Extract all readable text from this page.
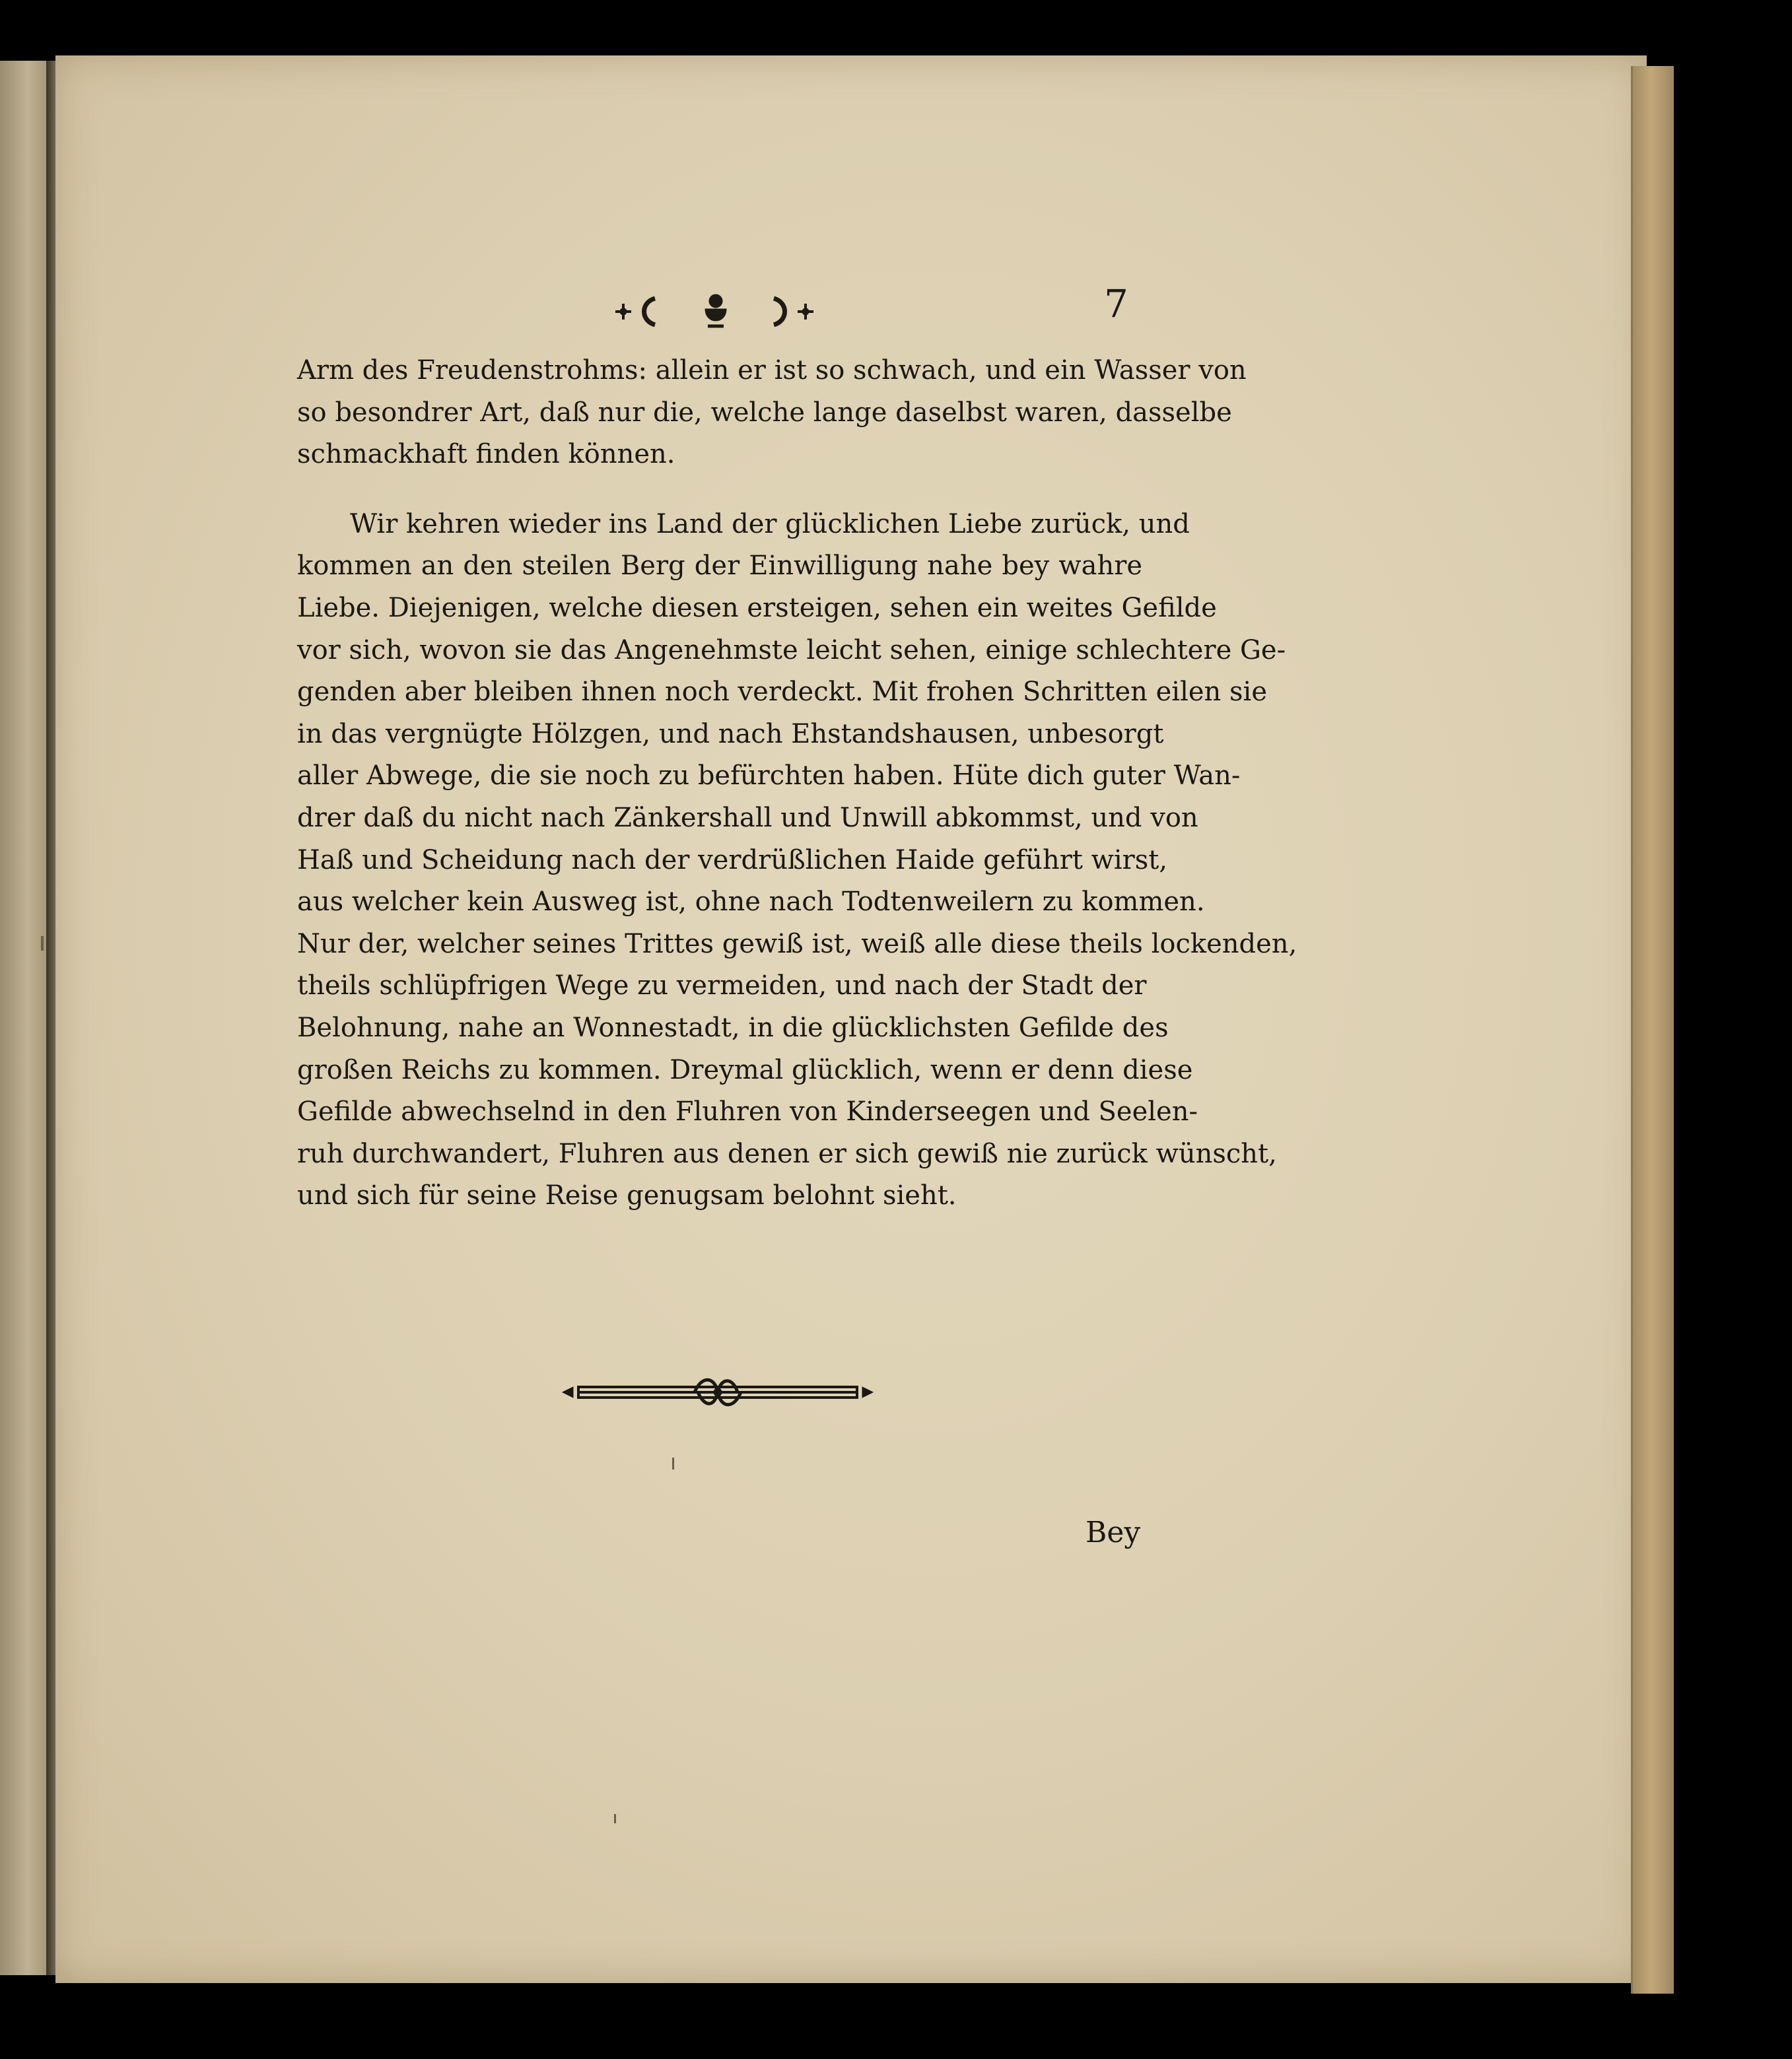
7
Arm des Freudenstrohms: allein er ist so schwach, und ein Wasser von
so besondrer Art, daß nur die, welche lange daselbst waren, dasselbe
schmackhaft finden können.
Wir kehren wieder ins Land der glücklichen Liebe zurück, und
kommen an den steilen Berg der Einwilligung nahe bey wahre
Liebe. Diejenigen, welche diesen ersteigen, sehen ein weites Gefilde
vor sich, wovon sie das Angenehmste leicht sehen, einige schlechtere Ge-
genden aber bleiben ihnen noch verdeckt. Mit frohen Schritten eilen sie
in das vergnügte Hölzgen, und nach Ehstandshausen, unbesorgt
aller Abwege, die sie noch zu befürchten haben. Hüte dich guter Wan-
drer daß du nicht nach Zänkershall und Unwill abkommst, und von
Haß und Scheidung nach der verdrüßlichen Haide geführt wirst,
aus welcher kein Ausweg ist, ohne nach Todtenweilern zu kommen.
Nur der, welcher seines Trittes gewiß ist, weiß alle diese theils lockenden,
theils schlüpfrigen Wege zu vermeiden, und nach der Stadt der
Belohnung, nahe an Wonnestadt, in die glücklichsten Gefilde des
großen Reichs zu kommen. Dreymal glücklich, wenn er denn diese
Gefilde abwechselnd in den Fluhren von Kinderseegen und Seelen-
ruh durchwandert, Fluhren aus denen er sich gewiß nie zurück wünscht,
und sich für seine Reise genugsam belohnt sieht.
Bey
